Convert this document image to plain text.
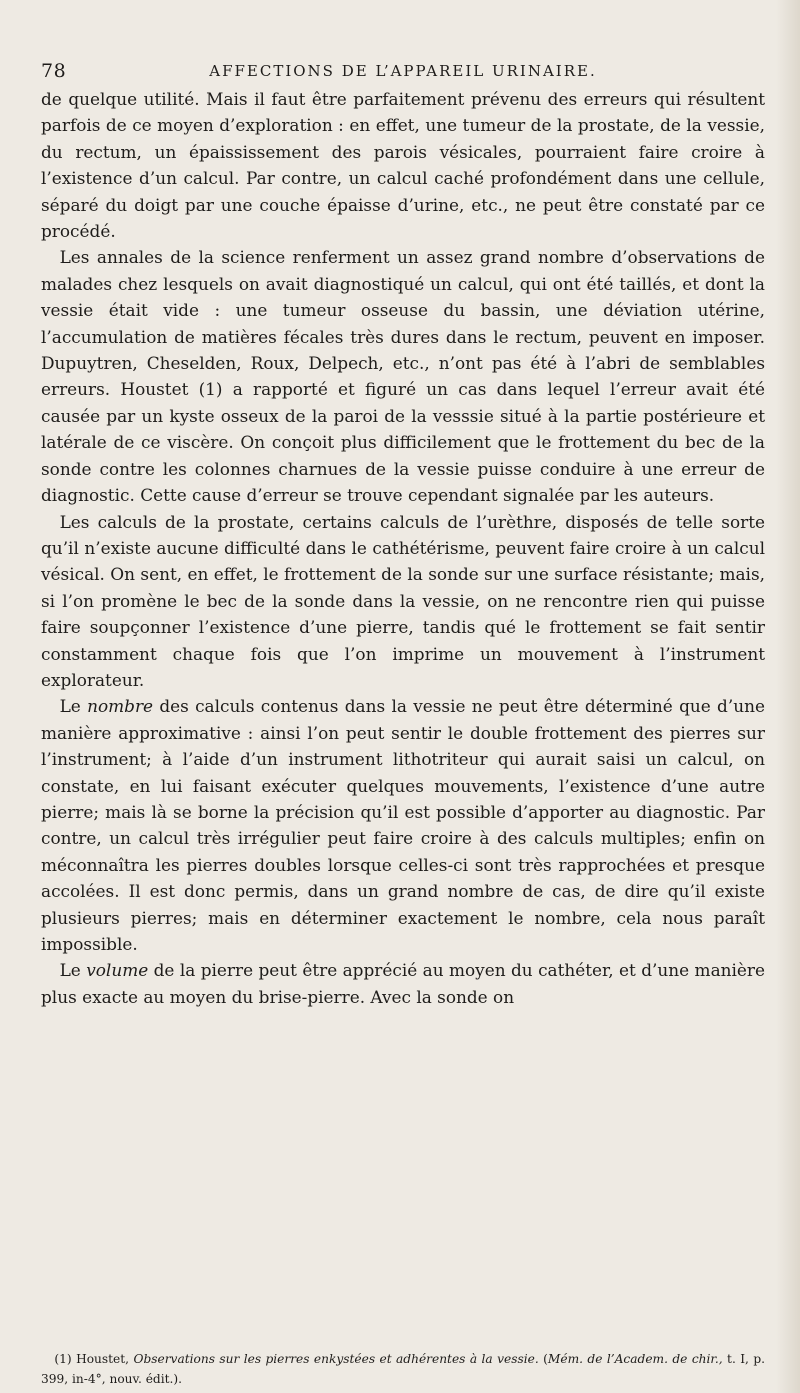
78	AFFECTIONS DE L’APPAREIL URINAIRE.

de quelque utilité. Mais il faut être parfaitement prévenu des erreurs qui résultent parfois de ce moyen d’exploration : en effet, une tumeur de la prostate, de la vessie, du rectum, un épaississement des parois vésicales, pourraient faire croire à l’existence d’un calcul. Par contre, un calcul caché profondément dans une cellule, séparé du doigt par une couche épaisse d’urine, etc., ne peut être constaté par ce procédé.

Les annales de la science renferment un assez grand nombre d’observations de malades chez lesquels on avait diagnostiqué un calcul, qui ont été taillés, et dont la vessie était vide : une tumeur osseuse du bassin, une déviation utérine, l’accumulation de matières fécales très dures dans le rectum, peuvent en imposer. Dupuytren, Cheselden, Roux, Delpech, etc., n’ont pas été à l’abri de semblables erreurs. Houstet (1) a rapporté et figuré un cas dans lequel l’erreur avait été causée par un kyste osseux de la paroi de la vesssie situé à la partie postérieure et latérale de ce viscère. On conçoit plus difficilement que le frottement du bec de la sonde contre les colonnes charnues de la vessie puisse conduire à une erreur de diagnostic. Cette cause d’erreur se trouve cependant signalée par les auteurs.

Les calculs de la prostate, certains calculs de l’urèthre, disposés de telle sorte qu’il n’existe aucune difficulté dans le cathétérisme, peuvent faire croire à un calcul vésical. On sent, en effet, le frottement de la sonde sur une surface résistante; mais, si l’on promène le bec de la sonde dans la vessie, on ne rencontre rien qui puisse faire soupçonner l’existence d’une pierre, tandis qué le frottement se fait sentir constamment chaque fois que l’on imprime un mouvement à l’instrument explorateur.

Le nombre des calculs contenus dans la vessie ne peut être déterminé que d’une manière approximative : ainsi l’on peut sentir le double frottement des pierres sur l’instrument; à l’aide d’un instrument lithotriteur qui aurait saisi un calcul, on constate, en lui faisant exécuter quelques mouvements, l’existence d’une autre pierre; mais là se borne la précision qu’il est possible d’apporter au diagnostic. Par contre, un calcul très irrégulier peut faire croire à des calculs multiples; enfin on méconnaîtra les pierres doubles lorsque celles-ci sont très rapprochées et presque accolées. Il est donc permis, dans un grand nombre de cas, de dire qu’il existe plusieurs pierres; mais en déterminer exactement le nombre, cela nous paraît impossible.

Le volume de la pierre peut être apprécié au moyen du cathéter, et d’une manière plus exacte au moyen du brise-pierre. Avec la sonde on

(1) Houstet, Observations sur les pierres enkystées et adhérentes à la vessie. (Mém. de l’Academ. de chir., t. I, p. 399, in-4°, nouv. édit.).
